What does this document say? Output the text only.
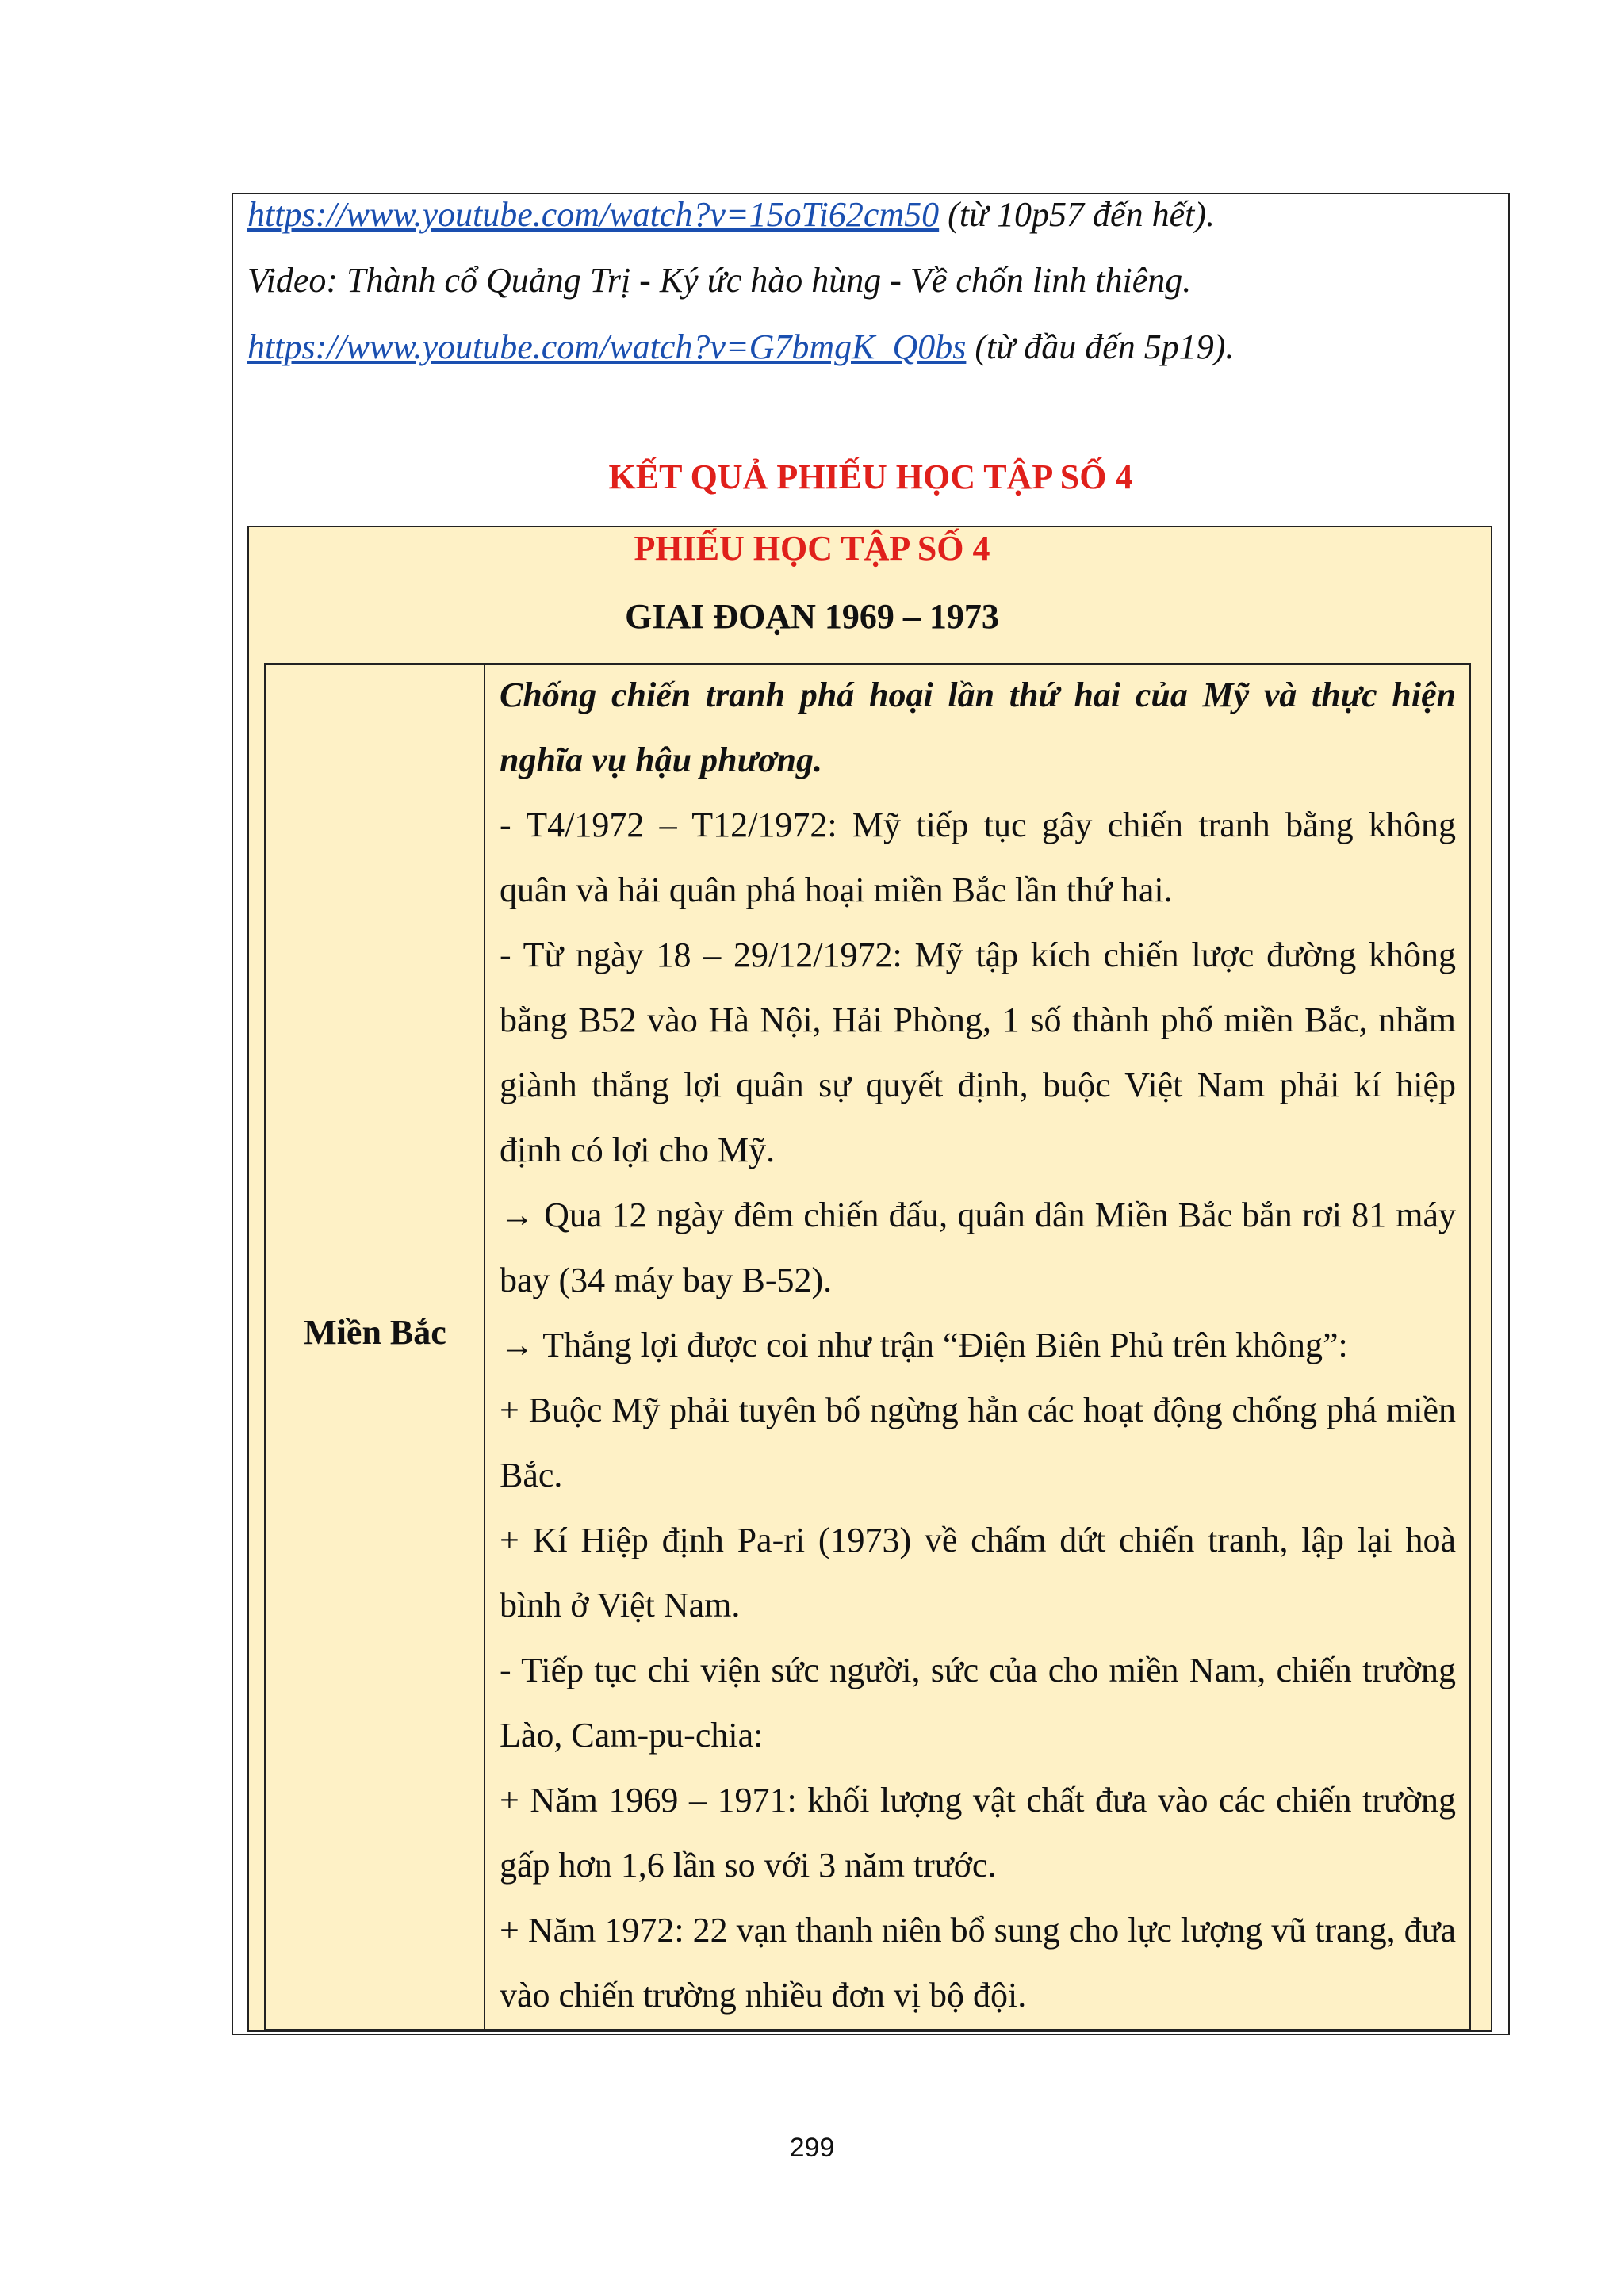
https://www.youtube.com/watch?v=15oTi62cm50 (từ 10p57 đến hết).
Video: Thành cổ Quảng Trị - Ký ức hào hùng - Về chốn linh thiêng.
https://www.youtube.com/watch?v=G7bmgK_Q0bs (từ đầu đến 5p19).
KẾT QUẢ PHIẾU HỌC TẬP SỐ 4
PHIẾU HỌC TẬP SỐ 4
GIAI ĐOẠN 1969 – 1973
Miền Bắc

Chống chiến tranh phá hoại lần thứ hai của Mỹ và thực hiện nghĩa vụ hậu phương.

- T4/1972 – T12/1972: Mỹ tiếp tục gây chiến tranh bằng không quân và hải quân phá hoại miền Bắc lần thứ hai.

- Từ ngày 18 – 29/12/1972: Mỹ tập kích chiến lược đường không bằng B52 vào Hà Nội, Hải Phòng, 1 số thành phố miền Bắc, nhằm giành thắng lợi quân sự quyết định, buộc Việt Nam phải kí hiệp định có lợi cho Mỹ.

→ Qua 12 ngày đêm chiến đấu, quân dân Miền Bắc bắn rơi 81 máy bay (34 máy bay B-52).

→ Thắng lợi được coi như trận “Điện Biên Phủ trên không”:

+ Buộc Mỹ phải tuyên bố ngừng hẳn các hoạt động chống phá miền Bắc.

+ Kí Hiệp định Pa-ri (1973) về chấm dứt chiến tranh, lập lại hoà bình ở Việt Nam.

- Tiếp tục chi viện sức người, sức của cho miền Nam, chiến trường Lào, Cam-pu-chia:

+ Năm 1969 – 1971: khối lượng vật chất đưa vào các chiến trường gấp hơn 1,6 lần so với 3 năm trước.

+ Năm 1972: 22 vạn thanh niên bổ sung cho lực lượng vũ trang, đưa vào chiến trường nhiều đơn vị bộ đội.

299
